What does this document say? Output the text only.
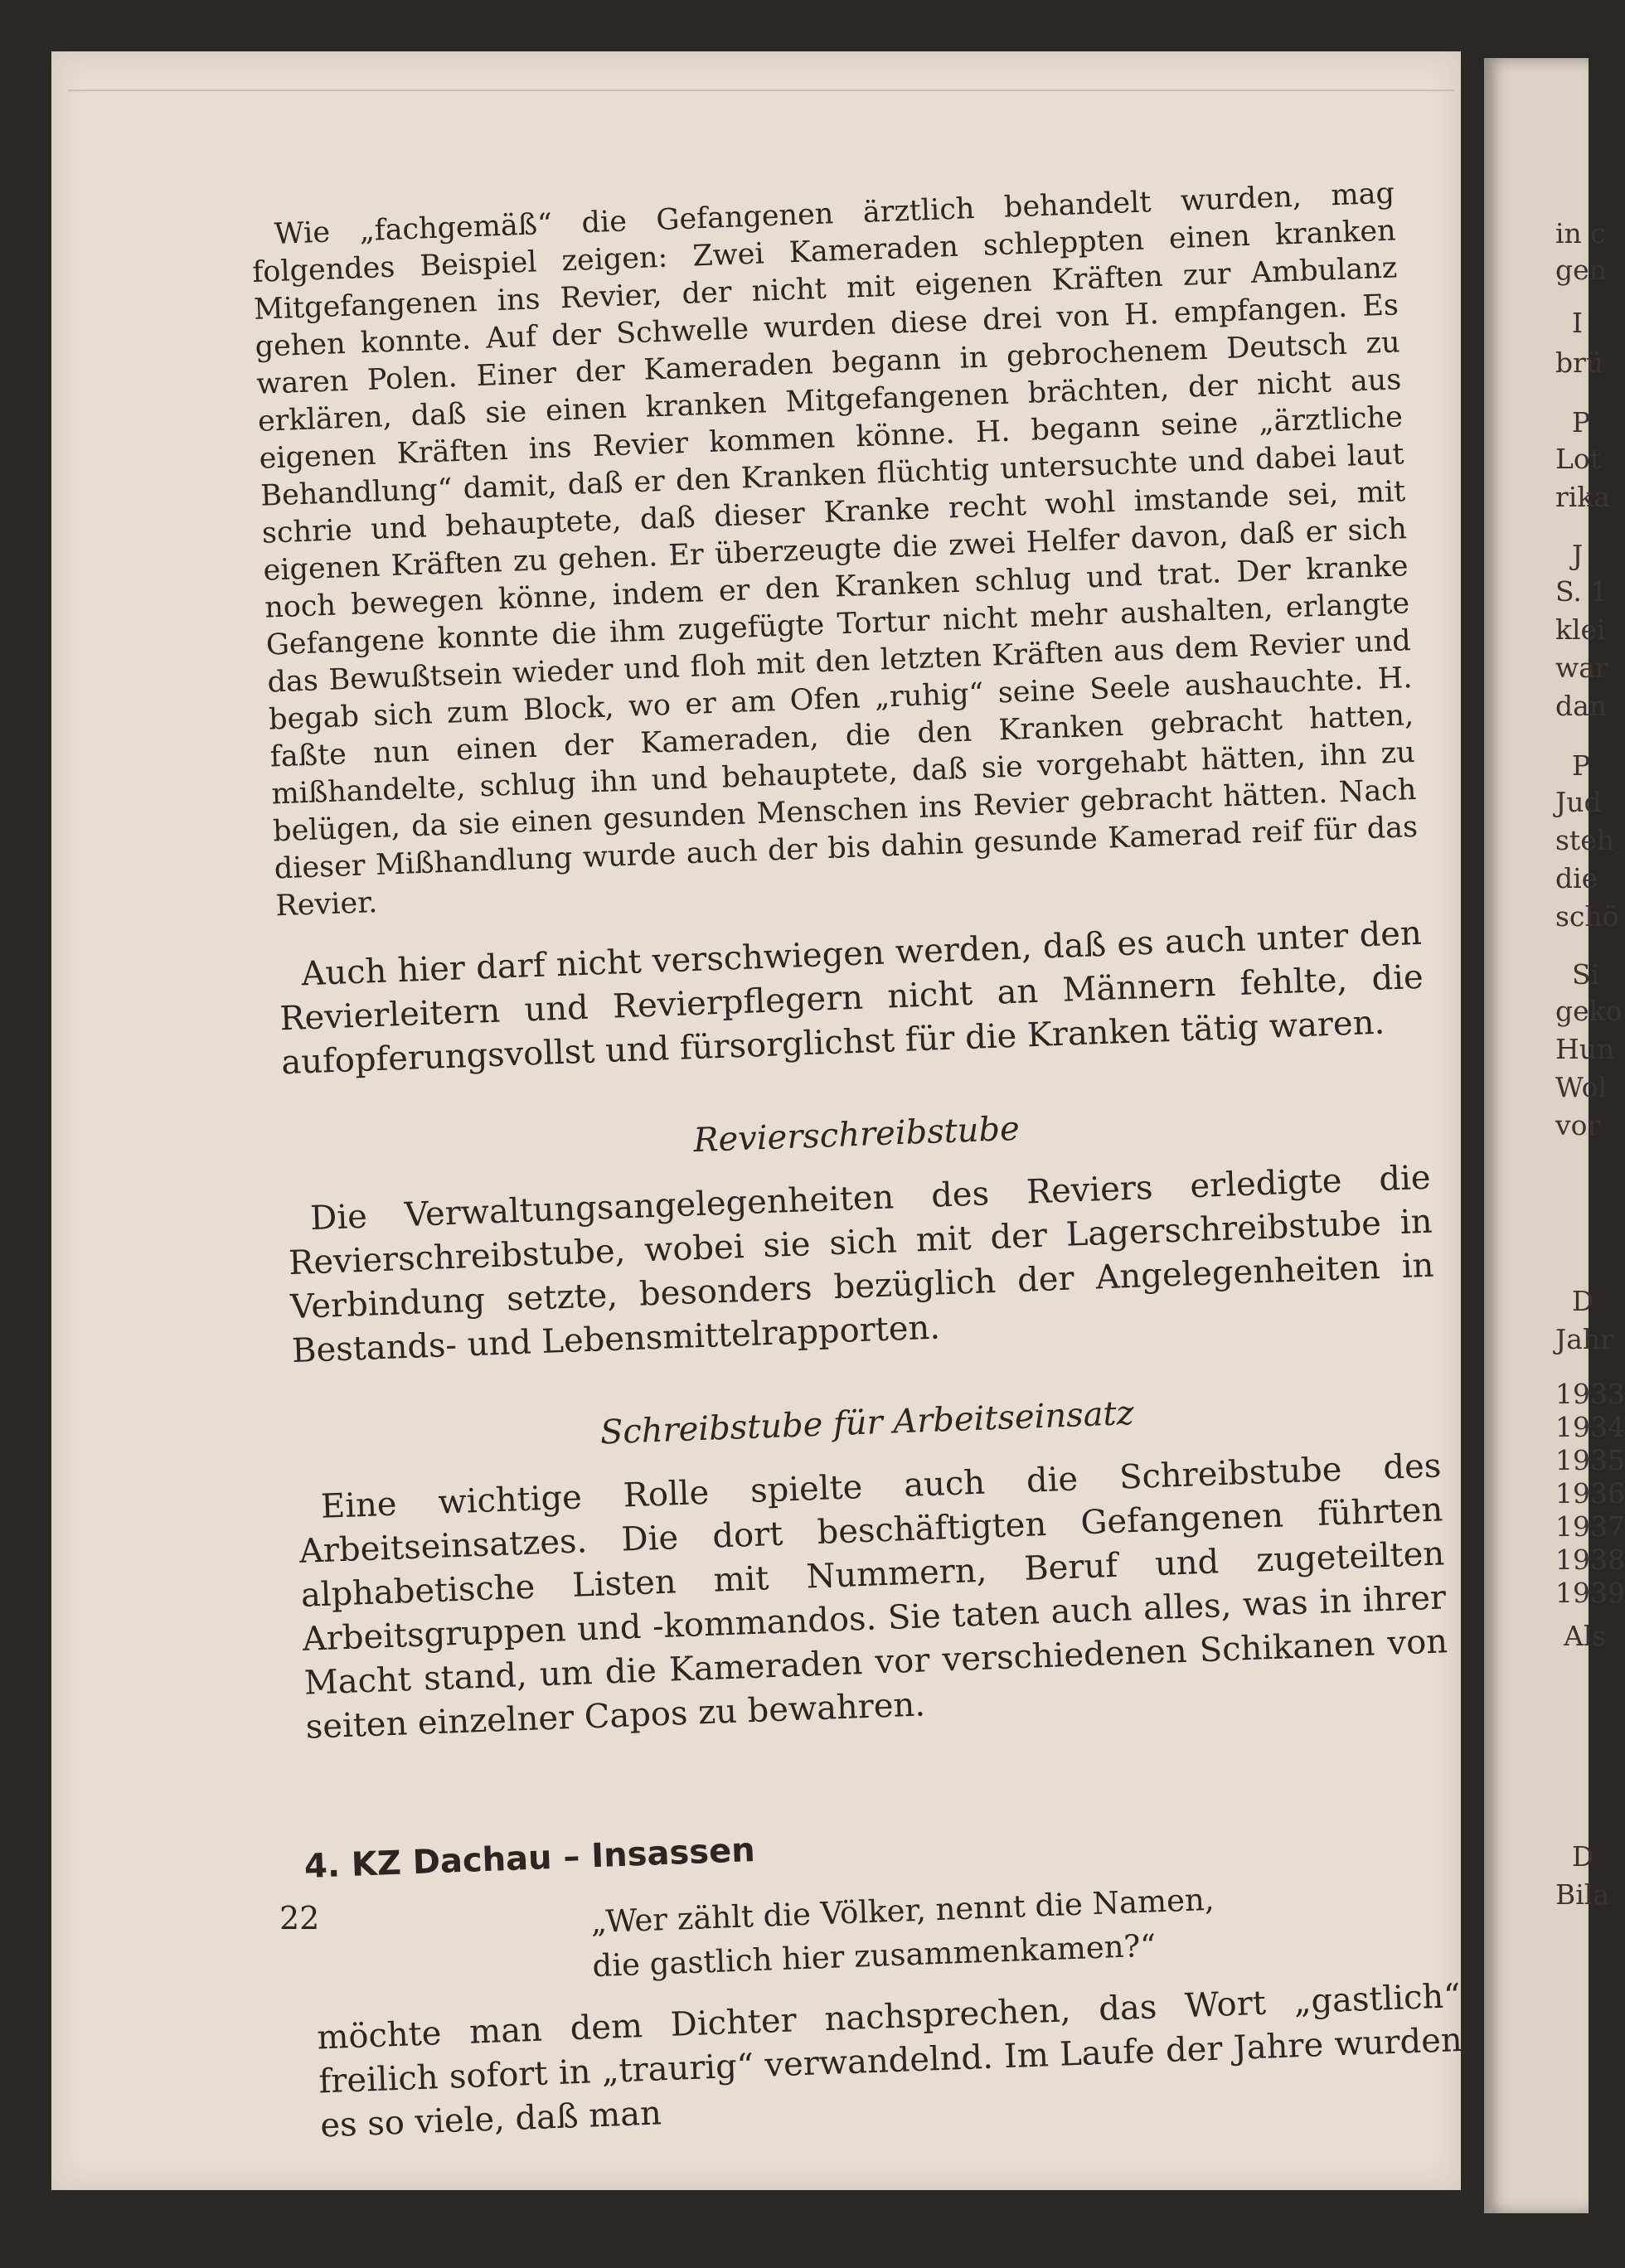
Wie „fachgemäß“ die Gefangenen ärztlich behandelt wurden, mag folgendes Beispiel zeigen: Zwei Kameraden schleppten einen kranken Mitgefangenen ins Revier, der nicht mit eigenen Kräften zur Ambulanz gehen konnte. Auf der Schwelle wurden diese drei von H. empfangen. Es waren Polen. Einer der Kameraden begann in gebrochenem Deutsch zu erklären, daß sie einen kranken Mitgefangenen brächten, der nicht aus eigenen Kräften ins Revier kommen könne. H. begann seine „ärztliche Behandlung“ damit, daß er den Kranken flüchtig untersuchte und dabei laut schrie und behauptete, daß dieser Kranke recht wohl imstande sei, mit eigenen Kräften zu gehen. Er überzeugte die zwei Helfer davon, daß er sich noch bewegen könne, indem er den Kranken schlug und trat. Der kranke Gefangene konnte die ihm zugefügte Tortur nicht mehr aushalten, erlangte das Bewußtsein wieder und floh mit den letzten Kräften aus dem Revier und begab sich zum Block, wo er am Ofen „ruhig“ seine Seele aushauchte. H. faßte nun einen der Kameraden, die den Kranken gebracht hatten, mißhandelte, schlug ihn und behauptete, daß sie vorgehabt hätten, ihn zu belügen, da sie einen gesunden Menschen ins Revier gebracht hätten. Nach dieser Mißhandlung wurde auch der bis dahin gesunde Kamerad reif für das Revier.

Auch hier darf nicht verschwiegen werden, daß es auch unter den Revierleitern und Revierpflegern nicht an Männern fehlte, die aufopferungsvollst und fürsorglichst für die Kranken tätig waren.

Revierschreibstube

Die Verwaltungsangelegenheiten des Reviers erledigte die Revierschreibstube, wobei sie sich mit der Lagerschreibstube in Verbindung setzte, besonders bezüglich der Angelegenheiten in Bestands- und Lebensmittelrapporten.

Schreibstube für Arbeitseinsatz

Eine wichtige Rolle spielte auch die Schreibstube des Arbeitseinsatzes. Die dort beschäftigten Gefangenen führten alphabetische Listen mit Nummern, Beruf und zugeteilten Arbeitsgruppen und -kommandos. Sie taten auch alles, was in ihrer Macht stand, um die Kameraden vor verschiedenen Schikanen von seiten einzelner Capos zu bewahren.

4. KZ Dachau – Insassen
„Wer zählt die Völker, nennt die Namen,
die gastlich hier zusammenkamen?“

möchte man dem Dichter nachsprechen, das Wort „gastlich“ freilich sofort in „traurig“ verwandelnd. Im Laufe der Jahre wurden es so viele, daß man

22
in c
gen
I
brü
P
Lot
rika
J
S. 1
klei
war
dan
P
Jud
steh
die
schö
Si
geko
Hun
Wol
vor
D
Jahr
1933
1934
1935
1936
1937
1938
1939
Als
D
Bila
